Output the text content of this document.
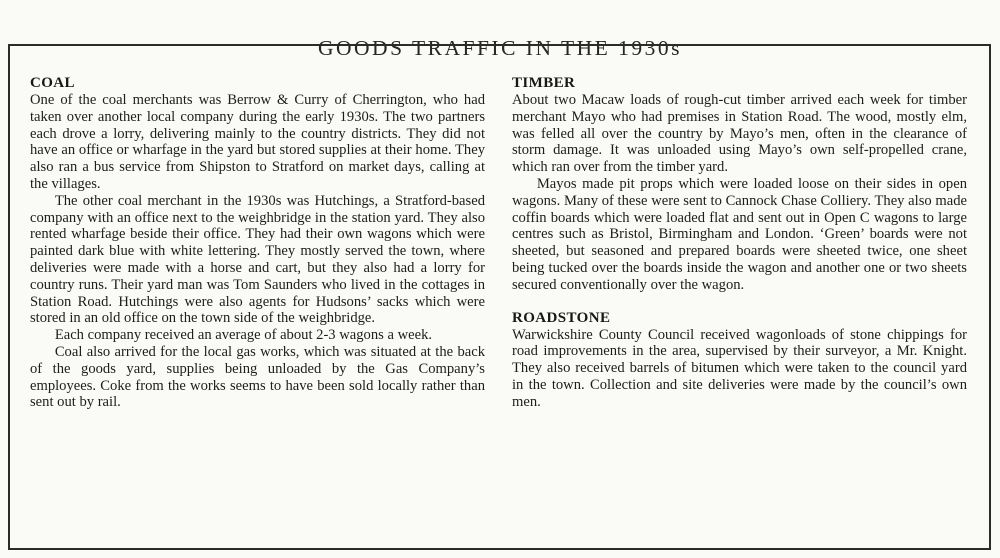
GOODS TRAFFIC IN THE 1930s
COAL

One of the coal merchants was Berrow & Curry of Cherrington, who had taken over another local company during the early 1930s. The two partners each drove a lorry, delivering mainly to the country districts. They did not have an office or wharfage in the yard but stored supplies at their home. They also ran a bus service from Shipston to Stratford on market days, calling at the villages.

The other coal merchant in the 1930s was Hutchings, a Stratford-based company with an office next to the weighbridge in the station yard. They also rented wharfage beside their office. They had their own wagons which were painted dark blue with white lettering. They mostly served the town, where deliveries were made with a horse and cart, but they also had a lorry for country runs. Their yard man was Tom Saunders who lived in the cottages in Station Road. Hutchings were also agents for Hudsons’ sacks which were stored in an old office on the town side of the weighbridge.

Each company received an average of about 2-3 wagons a week.

Coal also arrived for the local gas works, which was situated at the back of the goods yard, supplies being unloaded by the Gas Company’s employees. Coke from the works seems to have been sold locally rather than sent out by rail.

TIMBER

About two Macaw loads of rough-cut timber arrived each week for timber merchant Mayo who had premises in Station Road. The wood, mostly elm, was felled all over the country by Mayo’s men, often in the clearance of storm damage. It was unloaded using Mayo’s own self-propelled crane, which ran over from the timber yard.

Mayos made pit props which were loaded loose on their sides in open wagons. Many of these were sent to Cannock Chase Colliery. They also made coffin boards which were loaded flat and sent out in Open C wagons to large centres such as Bristol, Birmingham and London. ‘Green’ boards were not sheeted, but seasoned and prepared boards were sheeted twice, one sheet being tucked over the boards inside the wagon and another one or two sheets secured conventionally over the wagon.

ROADSTONE

Warwickshire County Council received wagonloads of stone chippings for road improvements in the area, supervised by their surveyor, a Mr. Knight. They also received barrels of bitumen which were taken to the council yard in the town. Collection and site deliveries were made by the council’s own men.
